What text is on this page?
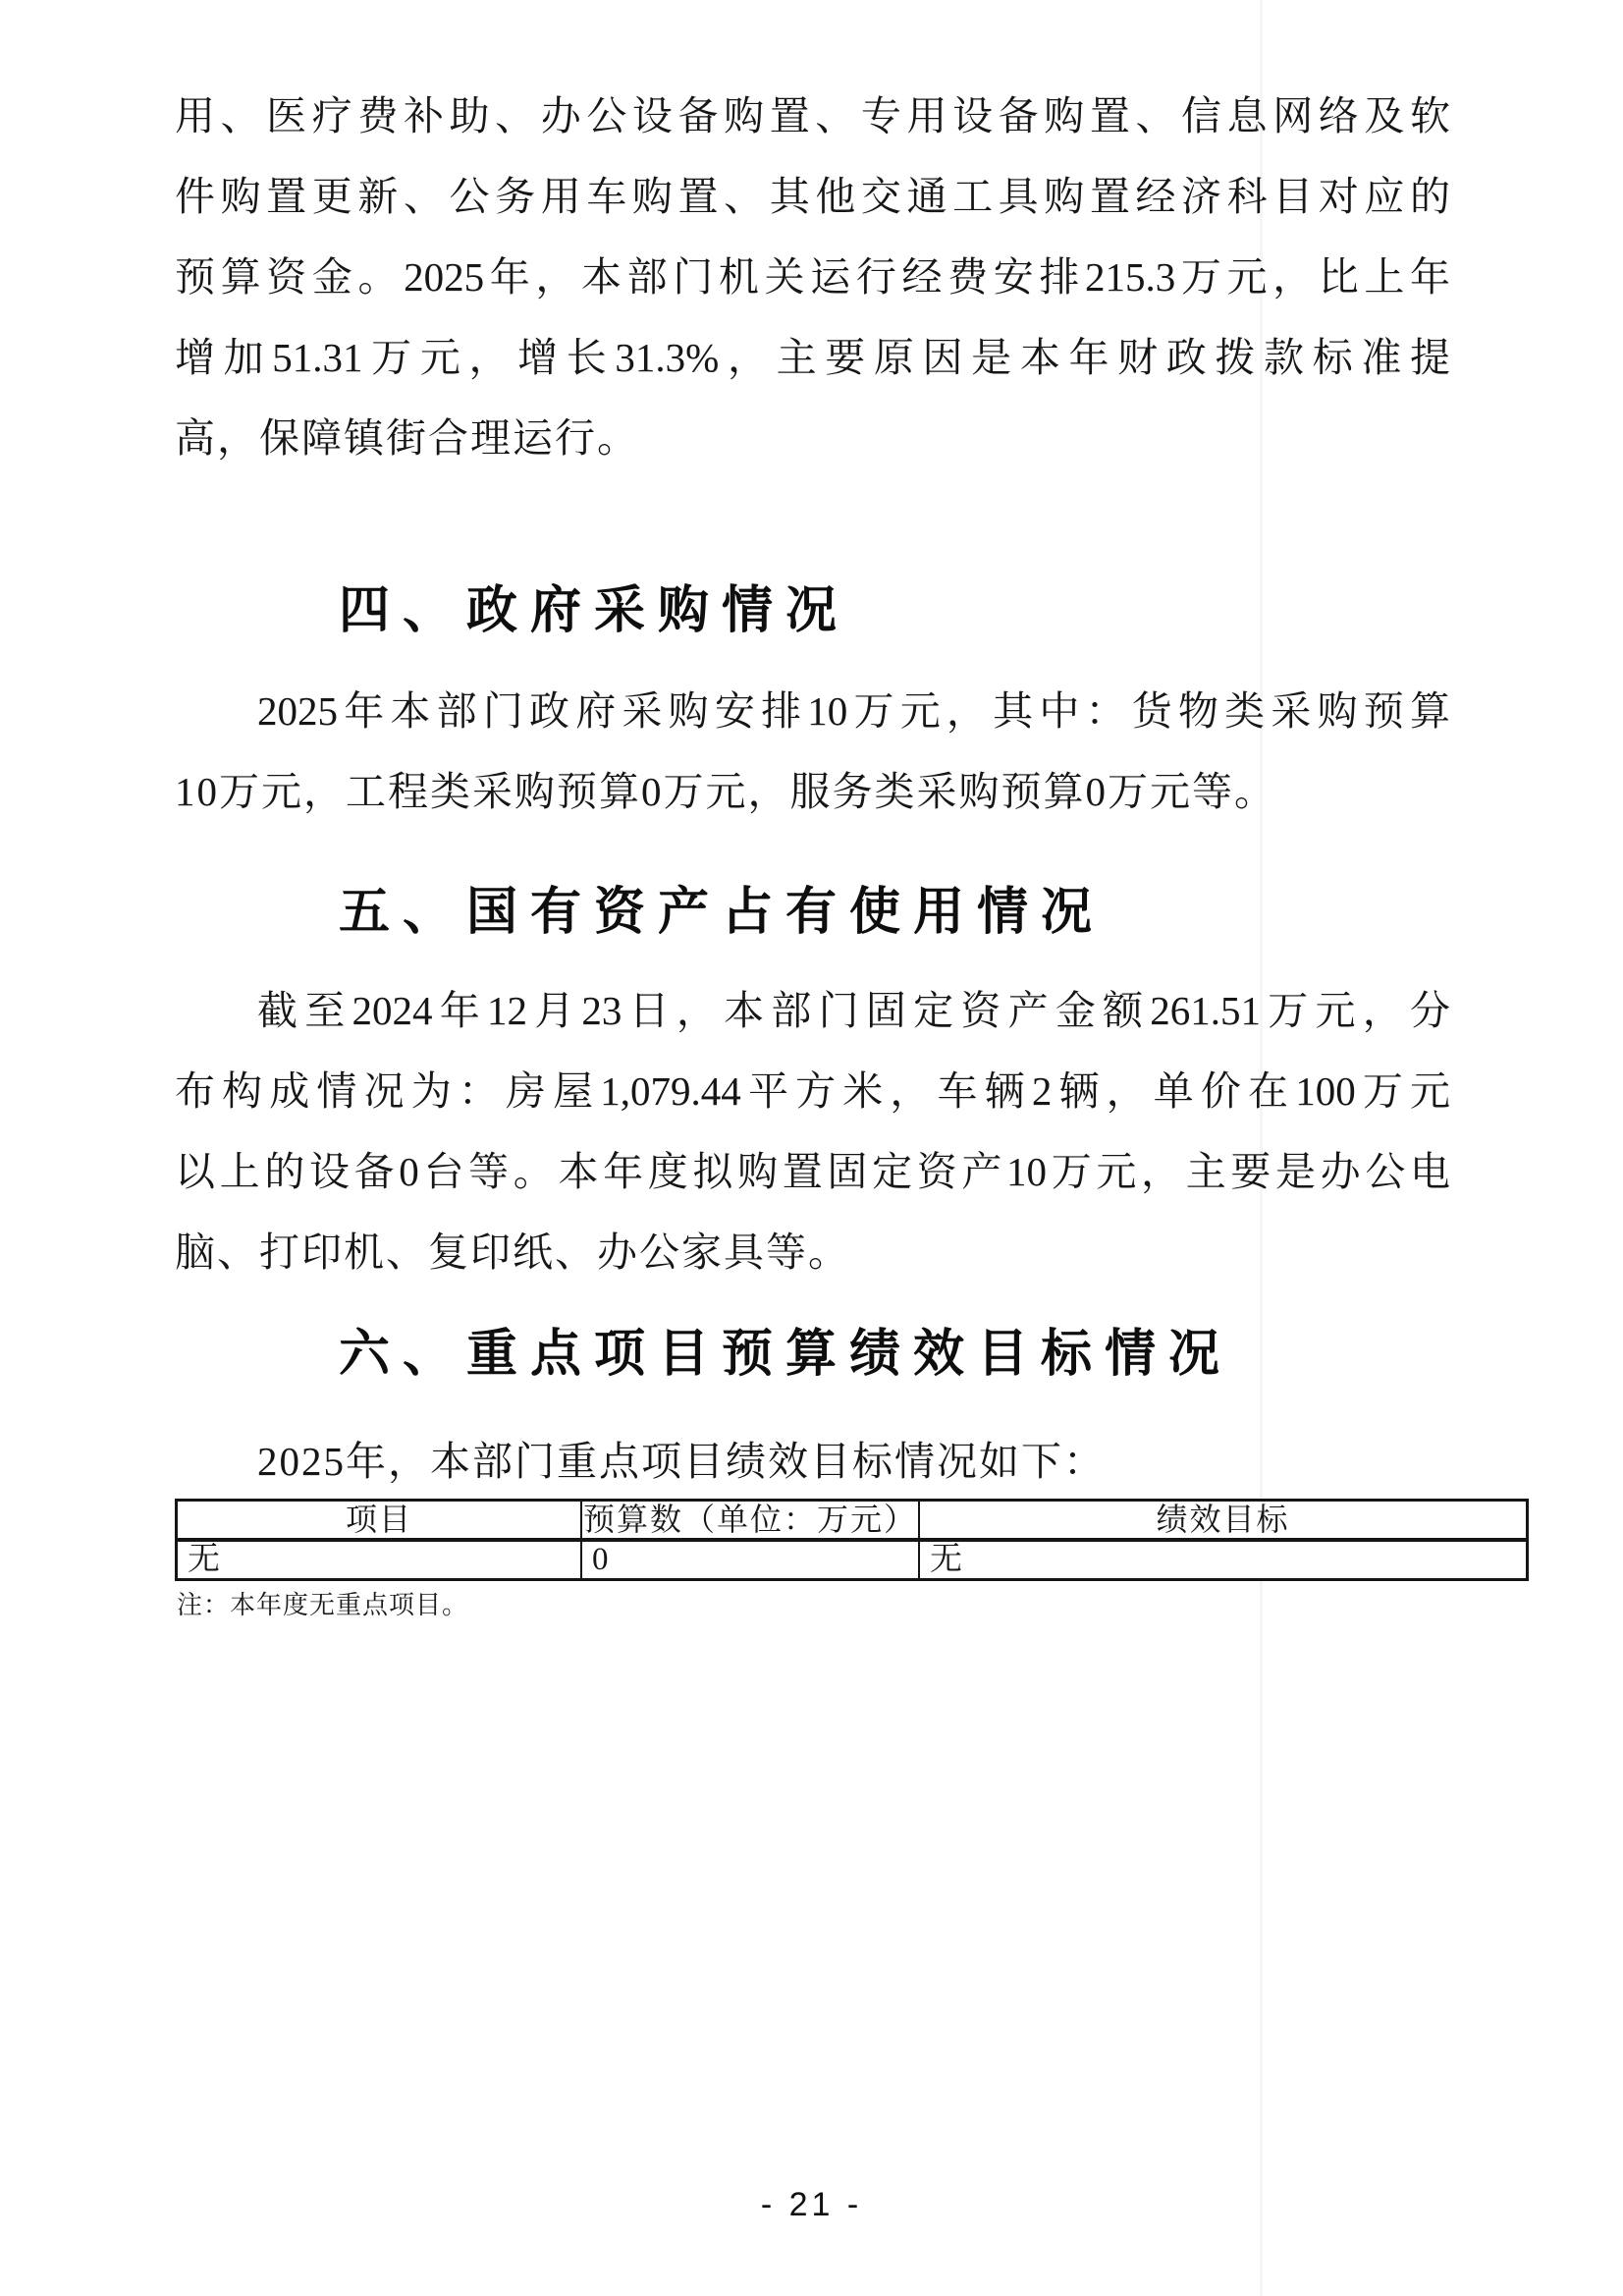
用、医疗费补助、办公设备购置、专用设备购置、信息网络及软
件购置更新、公务用车购置、其他交通工具购置经济科目对应的
预算资金。2025年，本部门机关运行经费安排215.3万元，比上年
增加51.31万元，增长31.3%，主要原因是本年财政拨款标准提
高，保障镇街合理运行。
四、政府采购情况
2025年本部门政府采购安排10万元，其中：货物类采购预算
10万元，工程类采购预算0万元，服务类采购预算0万元等。
五、国有资产占有使用情况
截至2024年12月23日，本部门固定资产金额261.51万元，分
布构成情况为：房屋1,079.44平方米，车辆2辆，单价在100万元
以上的设备0台等。本年度拟购置固定资产10万元，主要是办公电
脑、打印机、复印纸、办公家具等。
六、重点项目预算绩效目标情况
2025年，本部门重点项目绩效目标情况如下：
项目	预算数（单位：万元）	绩效目标
无	0	无
注：本年度无重点项目。
- 21 -
